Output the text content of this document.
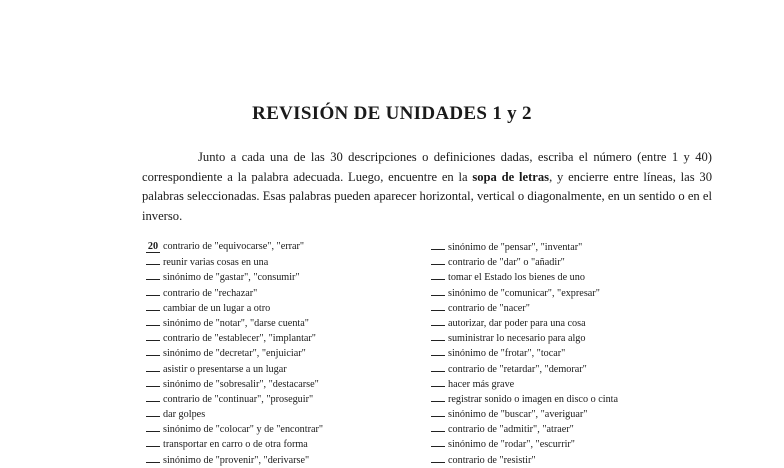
REVISIÓN DE UNIDADES 1 y 2

Junto a cada una de las 30 descripciones o definiciones dadas, escriba el número (entre 1 y 40) correspondiente a la palabra adecuada. Luego, encuentre en la sopa de letras, y encierre entre líneas, las 30 palabras seleccionadas. Esas palabras pueden aparecer horizontal, vertical o diagonalmente, en un sentido o en el inverso.

20 contrario de "equivocarse", "errar"
reunir varias cosas en una
sinónimo de "gastar", "consumir"
contrario de "rechazar"
cambiar de un lugar a otro
sinónimo de "notar", "darse cuenta"
contrario de "establecer", "implantar"
sinónimo de "decretar", "enjuiciar"
asistir o presentarse a un lugar
sinónimo de "sobresalir", "destacarse"
contrario de "continuar", "proseguir"
dar golpes
sinónimo de "colocar" y de "encontrar"
transportar en carro o de otra forma
sinónimo de "provenir", "derivarse"
sinónimo de "pensar", "inventar"
contrario de "dar" o "añadir"
tomar el Estado los bienes de uno
sinónimo de "comunicar", "expresar"
contrario de "nacer"
autorizar, dar poder para una cosa
suministrar lo necesario para algo
sinónimo de "frotar", "tocar"
contrario de "retardar", "demorar"
hacer más grave
registrar sonido o imagen en disco o cinta
sinónimo de "buscar", "averiguar"
contrario de "admitir", "atraer"
sinónimo de "rodar", "escurrir"
contrario de "resistir"
